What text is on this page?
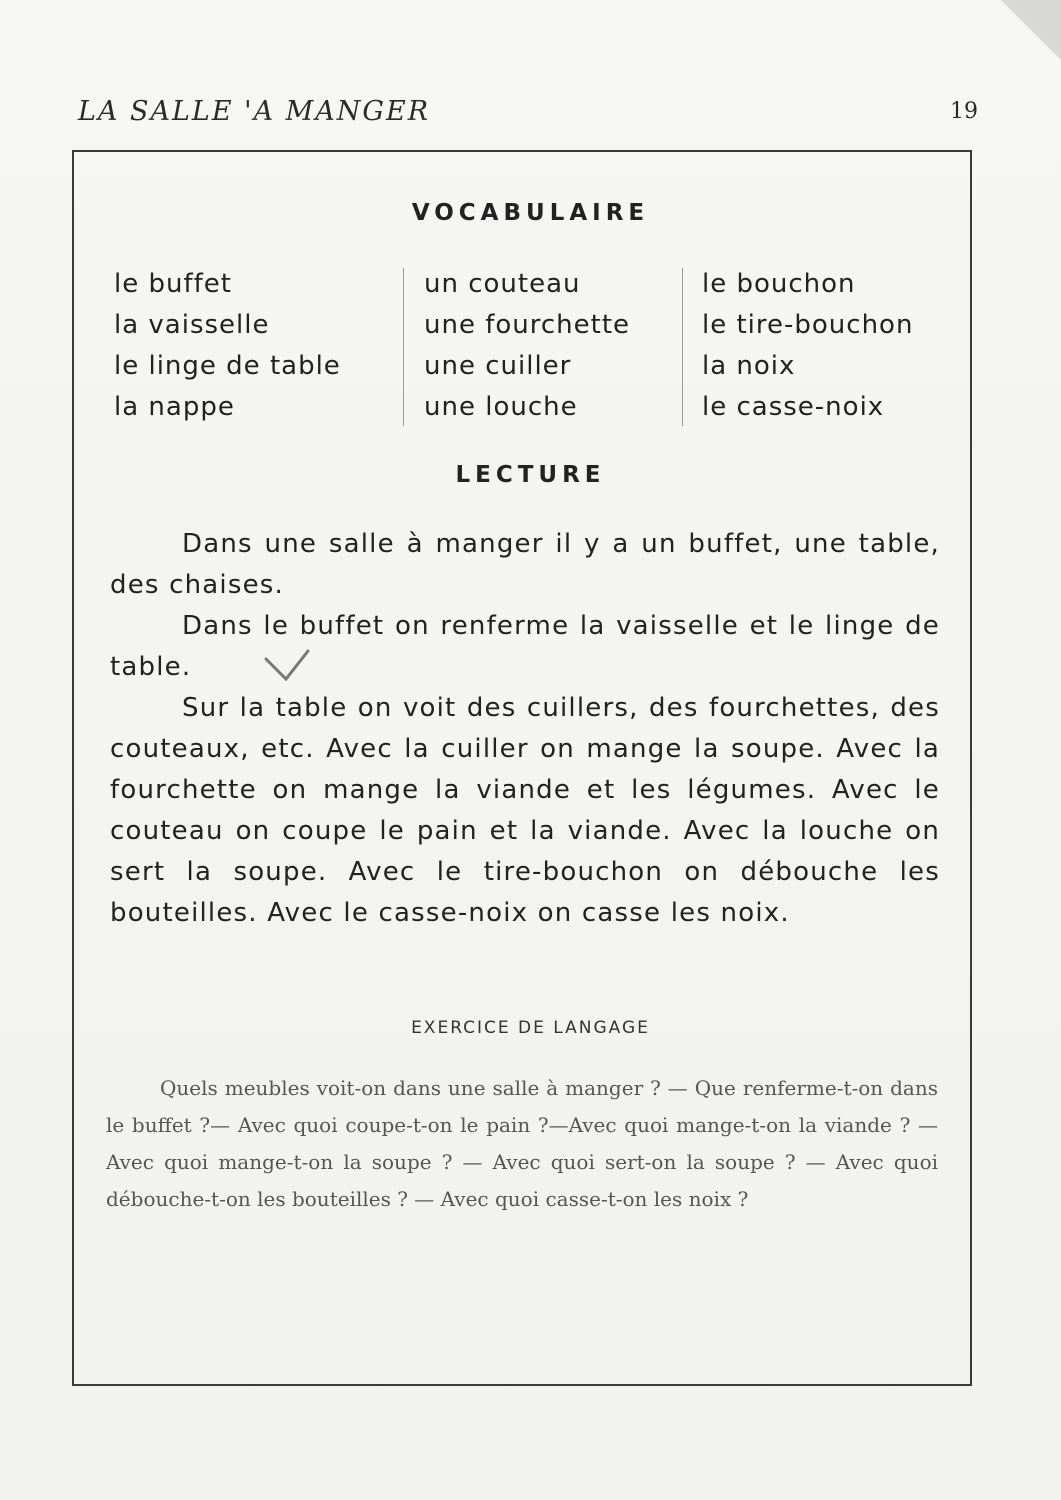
LA SALLE 'A MANGER	19
VOCABULAIRE
le buffet
la vaisselle
le linge de table
la nappe
un couteau
une fourchette
une cuiller
une louche
le bouchon
le tire-bouchon
la noix
le casse-noix
LECTURE

Dans une salle à manger il y a un buffet, une table, des chaises.

Dans le buffet on renferme la vaisselle et le linge de table.

Sur la table on voit des cuillers, des fourchettes, des couteaux, etc. Avec la cuiller on mange la soupe. Avec la fourchette on mange la viande et les légumes. Avec le couteau on coupe le pain et la viande. Avec la louche on sert la soupe. Avec le tire-bouchon on débouche les bouteilles. Avec le casse-noix on casse les noix.

EXERCICE DE LANGAGE

Quels meubles voit-on dans une salle à manger ? — Que renferme-t-on dans le buffet ?— Avec quoi coupe-t-on le pain ?—Avec quoi mange-t-on la viande ? — Avec quoi mange-t-on la soupe ? — Avec quoi sert-on la soupe ? — Avec quoi débouche-t-on les bouteilles ? — Avec quoi casse-t-on les noix ?
